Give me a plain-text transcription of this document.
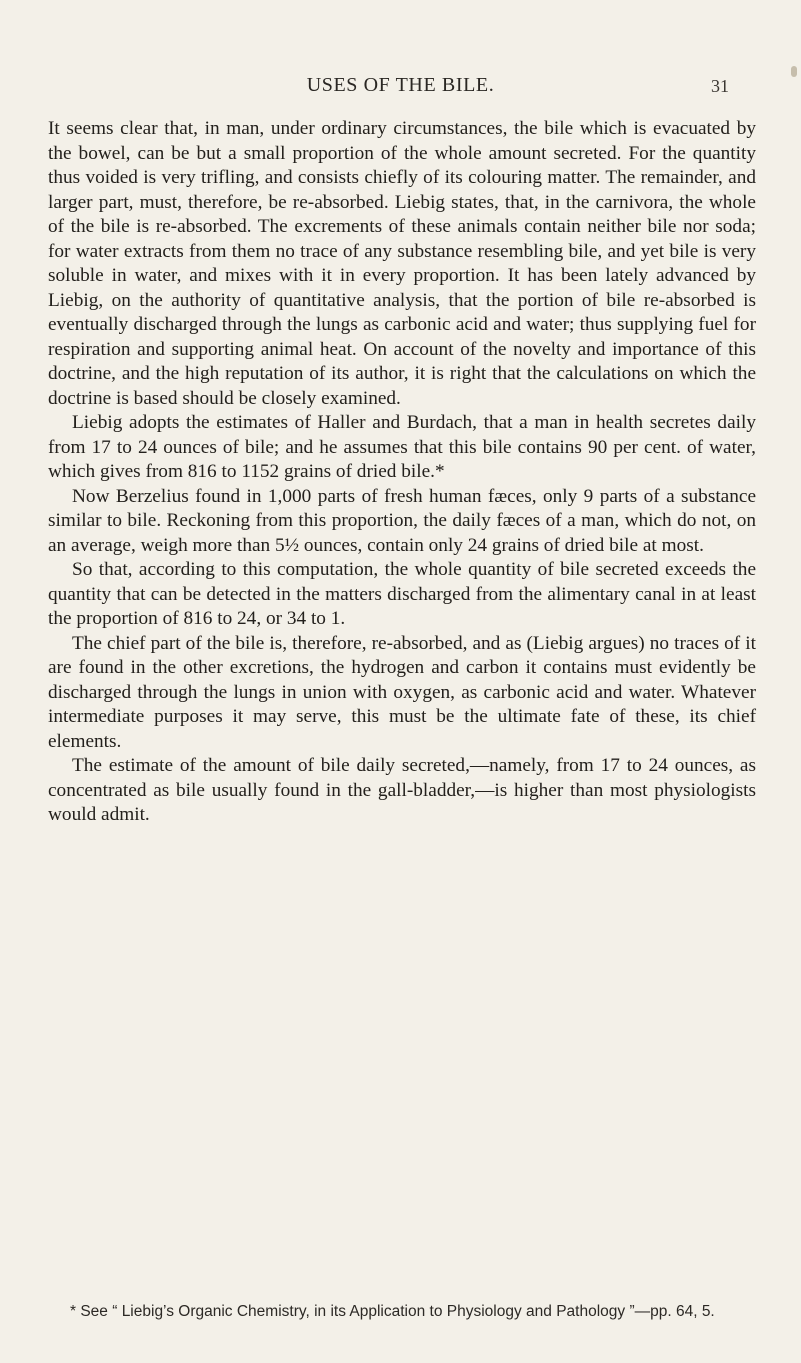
USES OF THE BILE.	31

It seems clear that, in man, under ordinary circumstances, the bile which is evacuated by the bowel, can be but a small proportion of the whole amount secreted. For the quantity thus voided is very trifling, and consists chiefly of its colouring matter. The remainder, and larger part, must, therefore, be re-absorbed. Liebig states, that, in the carnivora, the whole of the bile is re-absorbed. The excrements of these animals contain neither bile nor soda; for water extracts from them no trace of any substance resembling bile, and yet bile is very soluble in water, and mixes with it in every proportion. It has been lately advanced by Liebig, on the authority of quantitative analysis, that the portion of bile re-absorbed is eventually discharged through the lungs as carbonic acid and water; thus supplying fuel for respiration and supporting animal heat. On account of the novelty and importance of this doctrine, and the high reputation of its author, it is right that the calculations on which the doctrine is based should be closely examined.

Liebig adopts the estimates of Haller and Burdach, that a man in health secretes daily from 17 to 24 ounces of bile; and he assumes that this bile contains 90 per cent. of water, which gives from 816 to 1152 grains of dried bile.*

Now Berzelius found in 1,000 parts of fresh human fæces, only 9 parts of a substance similar to bile. Reckoning from this proportion, the daily fæces of a man, which do not, on an average, weigh more than 5½ ounces, contain only 24 grains of dried bile at most.

So that, according to this computation, the whole quantity of bile secreted exceeds the quantity that can be detected in the matters discharged from the alimentary canal in at least the proportion of 816 to 24, or 34 to 1.

The chief part of the bile is, therefore, re-absorbed, and as (Liebig argues) no traces of it are found in the other excretions, the hydrogen and carbon it contains must evidently be discharged through the lungs in union with oxygen, as carbonic acid and water. Whatever intermediate purposes it may serve, this must be the ultimate fate of these, its chief elements.

The estimate of the amount of bile daily secreted,—namely, from 17 to 24 ounces, as concentrated as bile usually found in the gall-bladder,—is higher than most physiologists would admit.

* See “ Liebig’s Organic Chemistry, in its Application to Physiology and Pathology ”—pp. 64, 5.
